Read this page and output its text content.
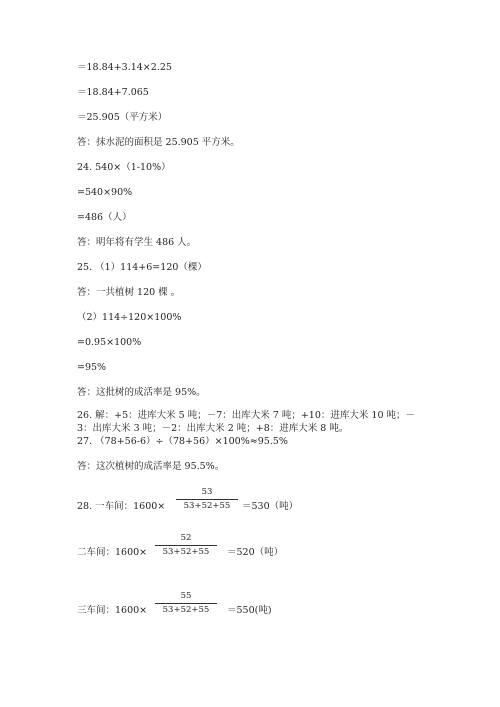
＝18.84+3.14×2.25
＝18.84+7.065
＝25.905（平方米）
答：抹水泥的面积是 25.905 平方米。
24. 540×（1-10%）
=540×90%
=486（人）
答：明年将有学生 486 人。
25. （1）114+6=120（棵）
答：一共植树 120 棵 。
（2）114÷120×100%
=0.95×100%
=95%
答：这批树的成活率是 95%。
26. 解：+5：进库大米 5 吨；－7：出库大米 7 吨；+10：进库大米 10 吨；－
3：出库大米 3 吨；－2：出库大米 2 吨；+8：进库大米 8 吨。
27. （78+56-6）÷（78+56）×100%≈95.5%
答：这次植树的成活率是 95.5%。
28. 一车间：1600×
53
53+52+55	＝530（吨）
二车间：1600×
52
53+52+55	＝520（吨）
三车间：1600×
55
53+52+55	＝550(吨)
